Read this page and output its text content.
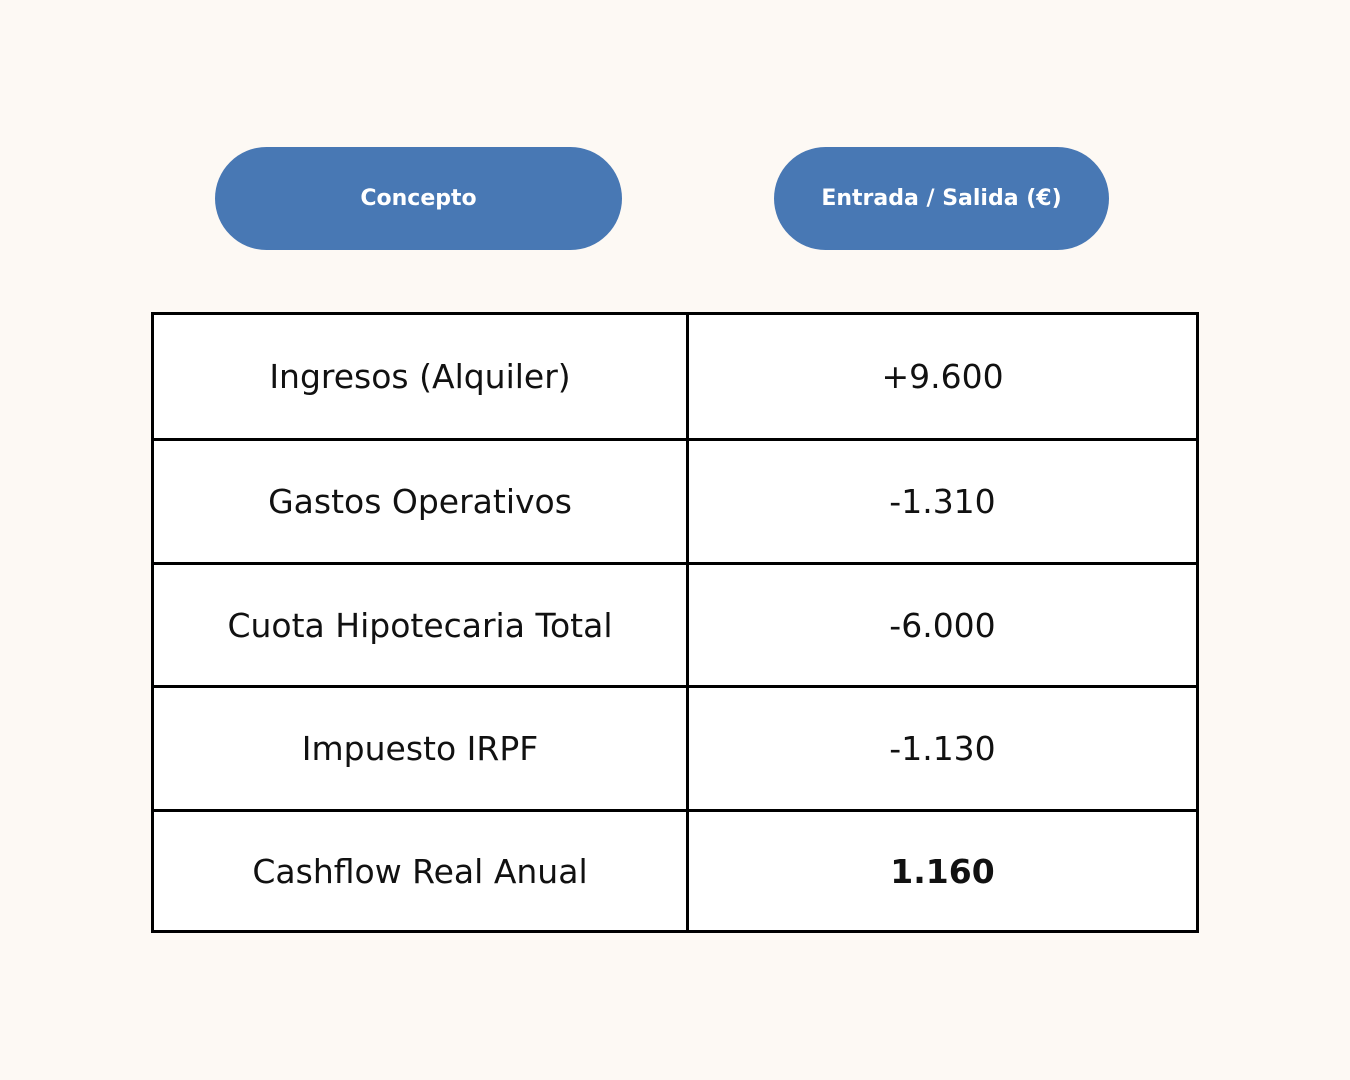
Concepto	Entrada / Salida (€)
Ingresos (Alquiler)	+9.600
Gastos Operativos	-1.310
Cuota Hipotecaria Total	-6.000
Impuesto IRPF	-1.130
Cashflow Real Anual	1.160
